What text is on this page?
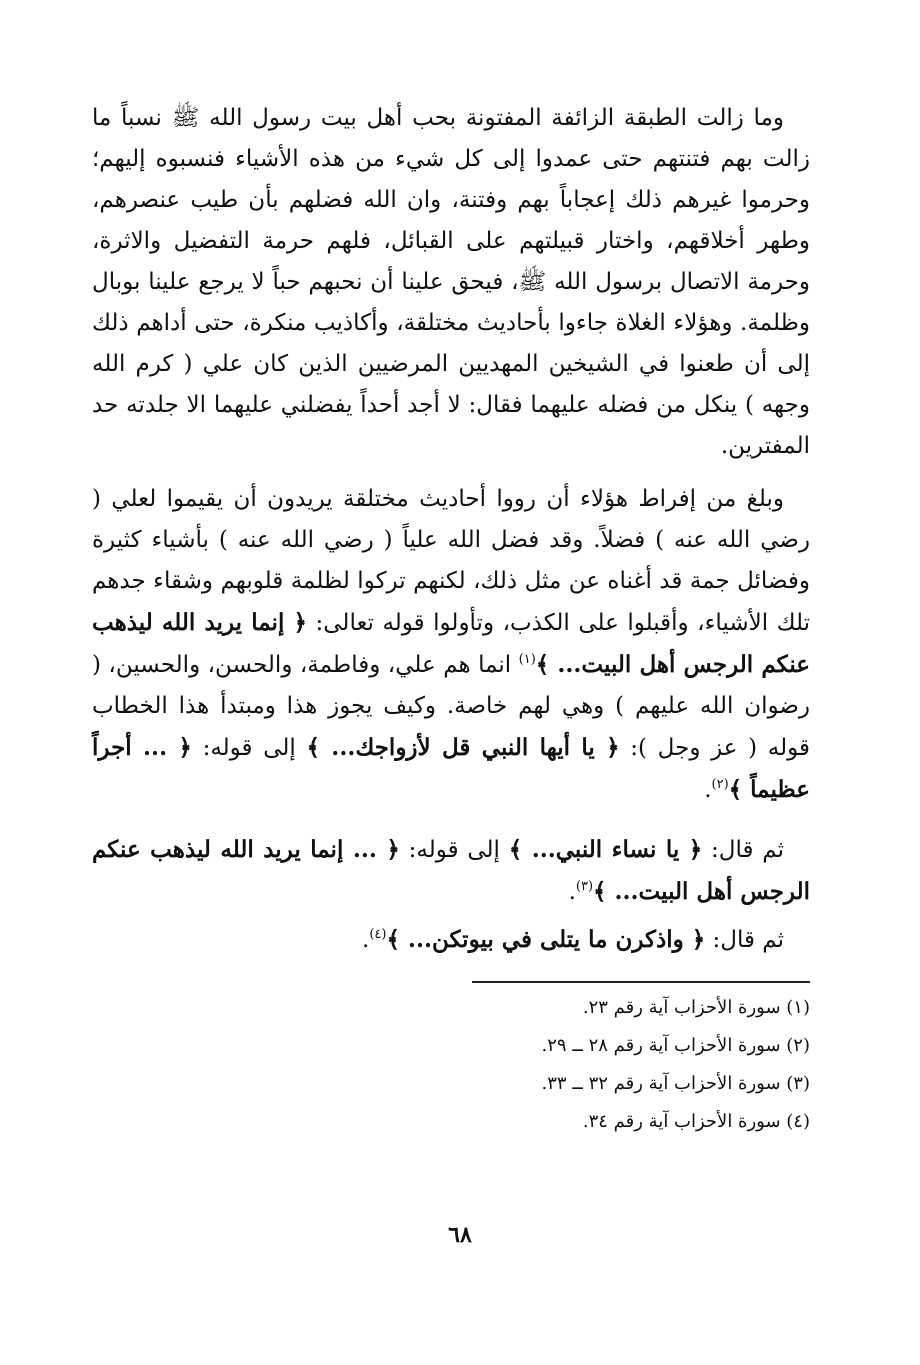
وما زالت الطبقة الزائفة المفتونة بحب أهل بيت رسول الله ﷺ نسباً ما زالت بهم فتنتهم حتى عمدوا إلى كل شيء من هذه الأشياء فنسبوه إليهم؛ وحرموا غيرهم ذلك إعجاباً بهم وفتنة، وان الله فضلهم بأن طيب عنصرهم، وطهر أخلاقهم، واختار قبيلتهم على القبائل، فلهم حرمة التفضيل والاثرة، وحرمة الاتصال برسول الله ﷺ، فيحق علينا أن نحبهم حباً لا يرجع علينا بوبال وظلمة. وهؤلاء الغلاة جاءوا بأحاديث مختلقة، وأكاذيب منكرة، حتى أداهم ذلك إلى أن طعنوا في الشيخين المهديين المرضيين الذين كان علي ( كرم الله وجهه ) ينكل من فضله عليهما فقال: لا أجد أحداً يفضلني عليهما الا جلدته حد المفترين.

وبلغ من إفراط هؤلاء أن رووا أحاديث مختلقة يريدون أن يقيموا لعلي ( رضي الله عنه ) فضلاً. وقد فضل الله علياً ( رضي الله عنه ) بأشياء كثيرة وفضائل جمة قد أغناه عن مثل ذلك، لكنهم تركوا لظلمة قلوبهم وشقاء جدهم تلك الأشياء، وأقبلوا على الكذب، وتأولوا قوله تعالى: ﴿ إنما يريد الله ليذهب عنكم الرجس أهل البيت... ﴾$^{(١)}$ انما هم علي، وفاطمة، والحسن، والحسين، ( رضوان الله عليهم ) وهي لهم خاصة. وكيف يجوز هذا ومبتدأ هذا الخطاب قوله ( عز وجل ): ﴿ يا أيها النبي قل لأزواجك... ﴾ إلى قوله: ﴿ ... أجراً عظيماً ﴾$^{(٢)}$.

ثم قال: ﴿ يا نساء النبي... ﴾ إلى قوله: ﴿ ... إنما يريد الله ليذهب عنكم الرجس أهل البيت... ﴾$^{(٣)}$.

ثم قال: ﴿ واذكرن ما يتلى في بيوتكن... ﴾$^{(٤)}$.

(١) سورة الأحزاب آية رقم ٢٣.
(٢) سورة الأحزاب آية رقم ٢٨ ــ ٢٩.
(٣) سورة الأحزاب آية رقم ٣٢ ــ ٣٣.
(٤) سورة الأحزاب آية رقم ٣٤.
٦٨
